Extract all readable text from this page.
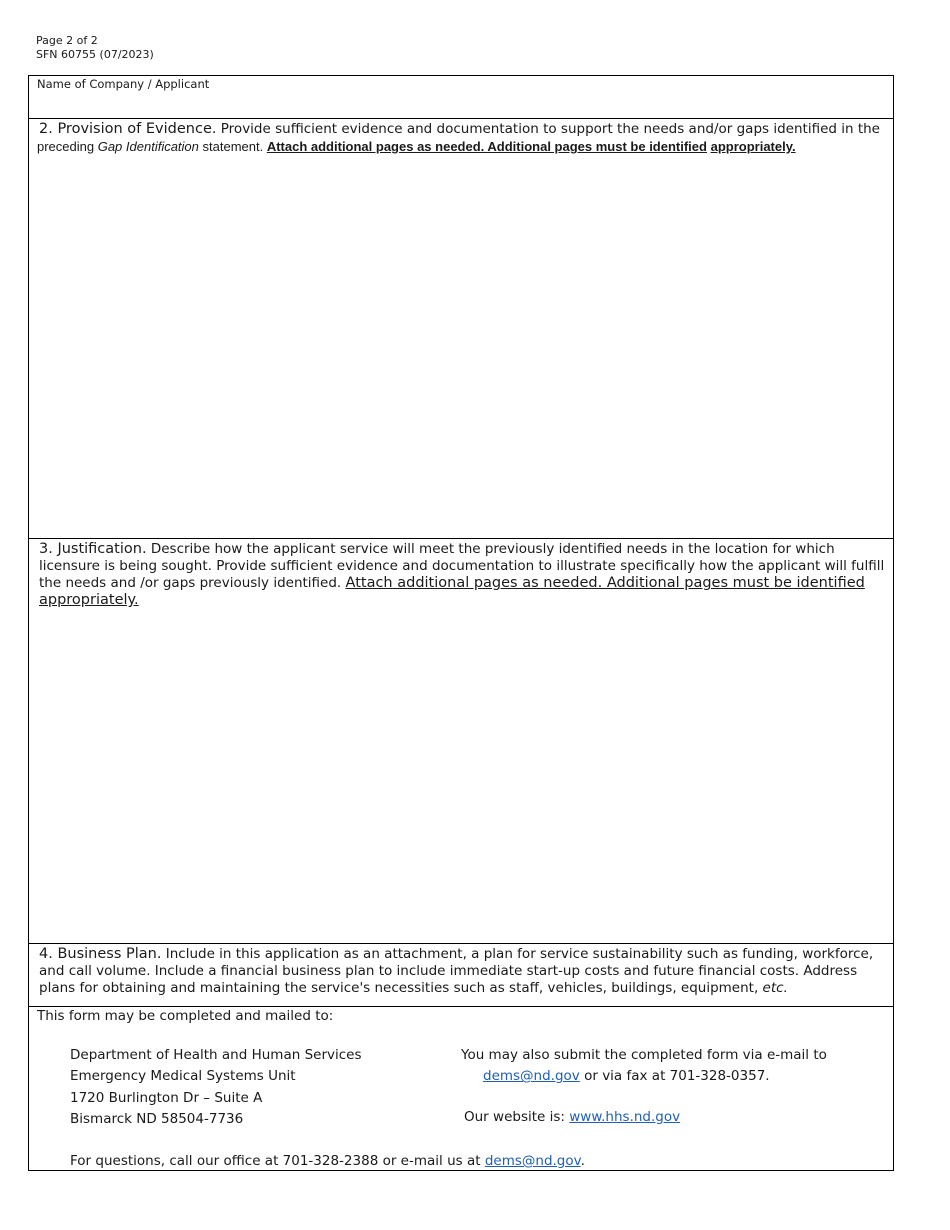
Page 2 of 2
SFN 60755 (07/2023)
Name of Company / Applicant
2. Provision of Evidence. Provide sufficient evidence and documentation to support the needs and/or gaps identified in the
preceding Gap Identification statement. Attach additional pages as needed. Additional pages must be identified appropriately.
3. Justification. Describe how the applicant service will meet the previously identified needs in the location for which licensure is being sought. Provide sufficient evidence and documentation to illustrate specifically how the applicant will fulfill the needs and /or gaps previously identified. Attach additional pages as needed. Additional pages must be identified appropriately.
4. Business Plan. Include in this application as an attachment, a plan for service sustainability such as funding, workforce, and call volume. Include a financial business plan to include immediate start-up costs and future financial costs. Address plans for obtaining and maintaining the service's necessities such as staff, vehicles, buildings, equipment, etc.
This form may be completed and mailed to:
Department of Health and Human Services
Emergency Medical Systems Unit
1720 Burlington Dr – Suite A
Bismarck ND 58504-7736
You may also submit the completed form via e-mail to
dems@nd.gov or via fax at 701-328-0357.
Our website is: www.hhs.nd.gov
For questions, call our office at 701-328-2388 or e-mail us at dems@nd.gov.
